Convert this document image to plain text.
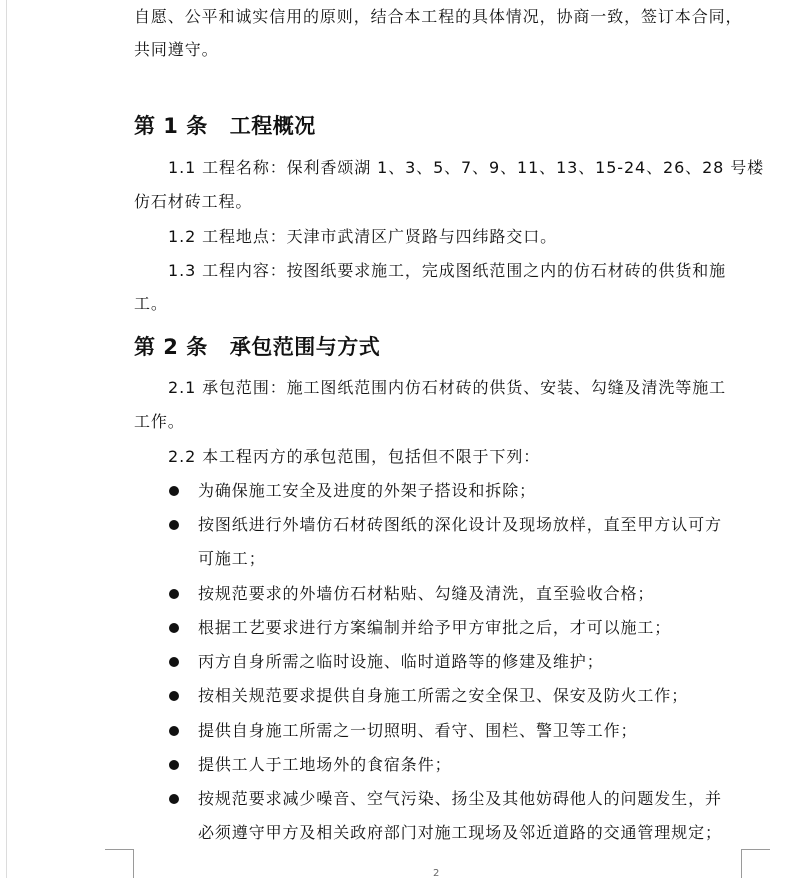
自愿、公平和诚实信用的原则，结合本工程的具体情况，协商一致，签订本合同，
共同遵守。
第 1 条 工程概况
1.1 工程名称：保利香颂湖 1、3、5、7、9、11、13、15-24、26、28 号楼
仿石材砖工程。
1.2 工程地点：天津市武清区广贤路与四纬路交口。
1.3 工程内容：按图纸要求施工，完成图纸范围之内的仿石材砖的供货和施
工。
第 2 条 承包范围与方式
2.1 承包范围：施工图纸范围内仿石材砖的供货、安装、勾缝及清洗等施工
工作。
2.2 本工程丙方的承包范围，包括但不限于下列：
为确保施工安全及进度的外架子搭设和拆除；
按图纸进行外墙仿石材砖图纸的深化设计及现场放样，直至甲方认可方
可施工；
按规范要求的外墙仿石材粘贴、勾缝及清洗，直至验收合格；
根据工艺要求进行方案编制并给予甲方审批之后，才可以施工；
丙方自身所需之临时设施、临时道路等的修建及维护；
按相关规范要求提供自身施工所需之安全保卫、保安及防火工作；
提供自身施工所需之一切照明、看守、围栏、警卫等工作；
提供工人于工地场外的食宿条件；
按规范要求减少噪音、空气污染、扬尘及其他妨碍他人的问题发生，并
必须遵守甲方及相关政府部门对施工现场及邻近道路的交通管理规定；
2
